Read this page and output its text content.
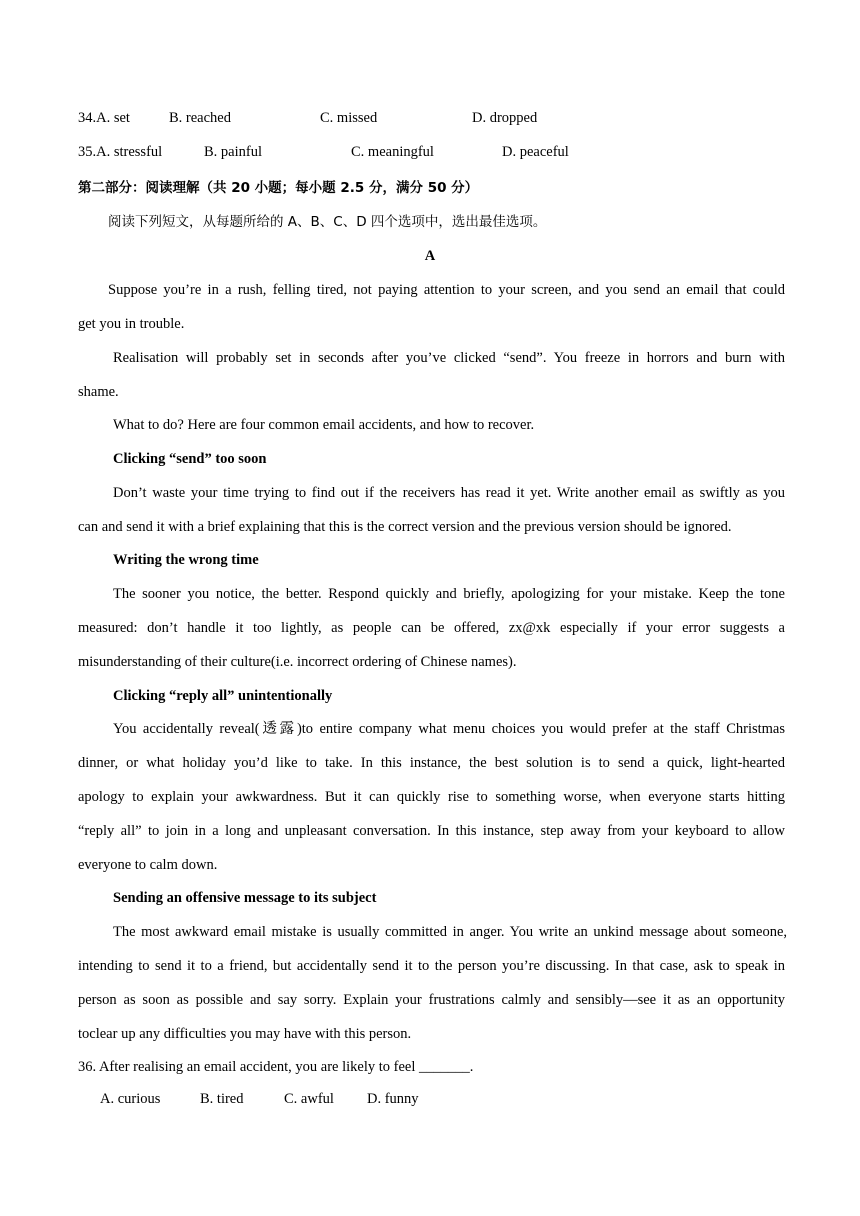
34.A. set	B. reached	C. missed	D. dropped
35.A. stressful	B. painful	C. meaningful	D. peaceful
第二部分：阅读理解（共 20 小题；每小题 2.5 分，满分 50 分）
阅读下列短文，从每题所给的 A、B、C、D 四个选项中，选出最佳选项。
A
Suppose you’re in a rush, felling tired, not paying attention to your screen, and you send an email that could
get you in trouble.
Realisation will probably set in seconds after you’ve clicked “send”. You freeze in horrors and burn with
shame.
What to do? Here are four common email accidents, and how to recover.
Clicking “send” too soon
Don’t waste your time trying to find out if the receivers has read it yet. Write another email as swiftly as you
can and send it with a brief explaining that this is the correct version and the previous version should be ignored.
Writing the wrong time
The sooner you notice, the better. Respond quickly and briefly, apologizing for your mistake. Keep the tone
measured: don’t handle it too lightly, as people can be offered, zx@xk especially if your error suggests a
misunderstanding of their culture(i.e. incorrect ordering of Chinese names).
Clicking “reply all” unintentionally
You accidentally reveal(透露)to entire company what menu choices you would prefer at the staff Christmas
dinner, or what holiday you’d like to take. In this instance, the best solution is to send a quick, light-hearted
apology to explain your awkwardness. But it can quickly rise to something worse, when everyone starts hitting
“reply all” to join in a long and unpleasant conversation. In this instance, step away from your keyboard to allow
everyone to calm down.
Sending an offensive message to its subject
The most awkward email mistake is usually committed in anger. You write an unkind message about someone,
intending to send it to a friend, but accidentally send it to the person you’re discussing. In that case, ask to speak in
person as soon as possible and say sorry. Explain your frustrations calmly and sensibly—see it as an opportunity
toclear up any difficulties you may have with this person.
36. After realising an email accident, you are likely to feel _______.
A. curious	B. tired	C. awful D. funny
